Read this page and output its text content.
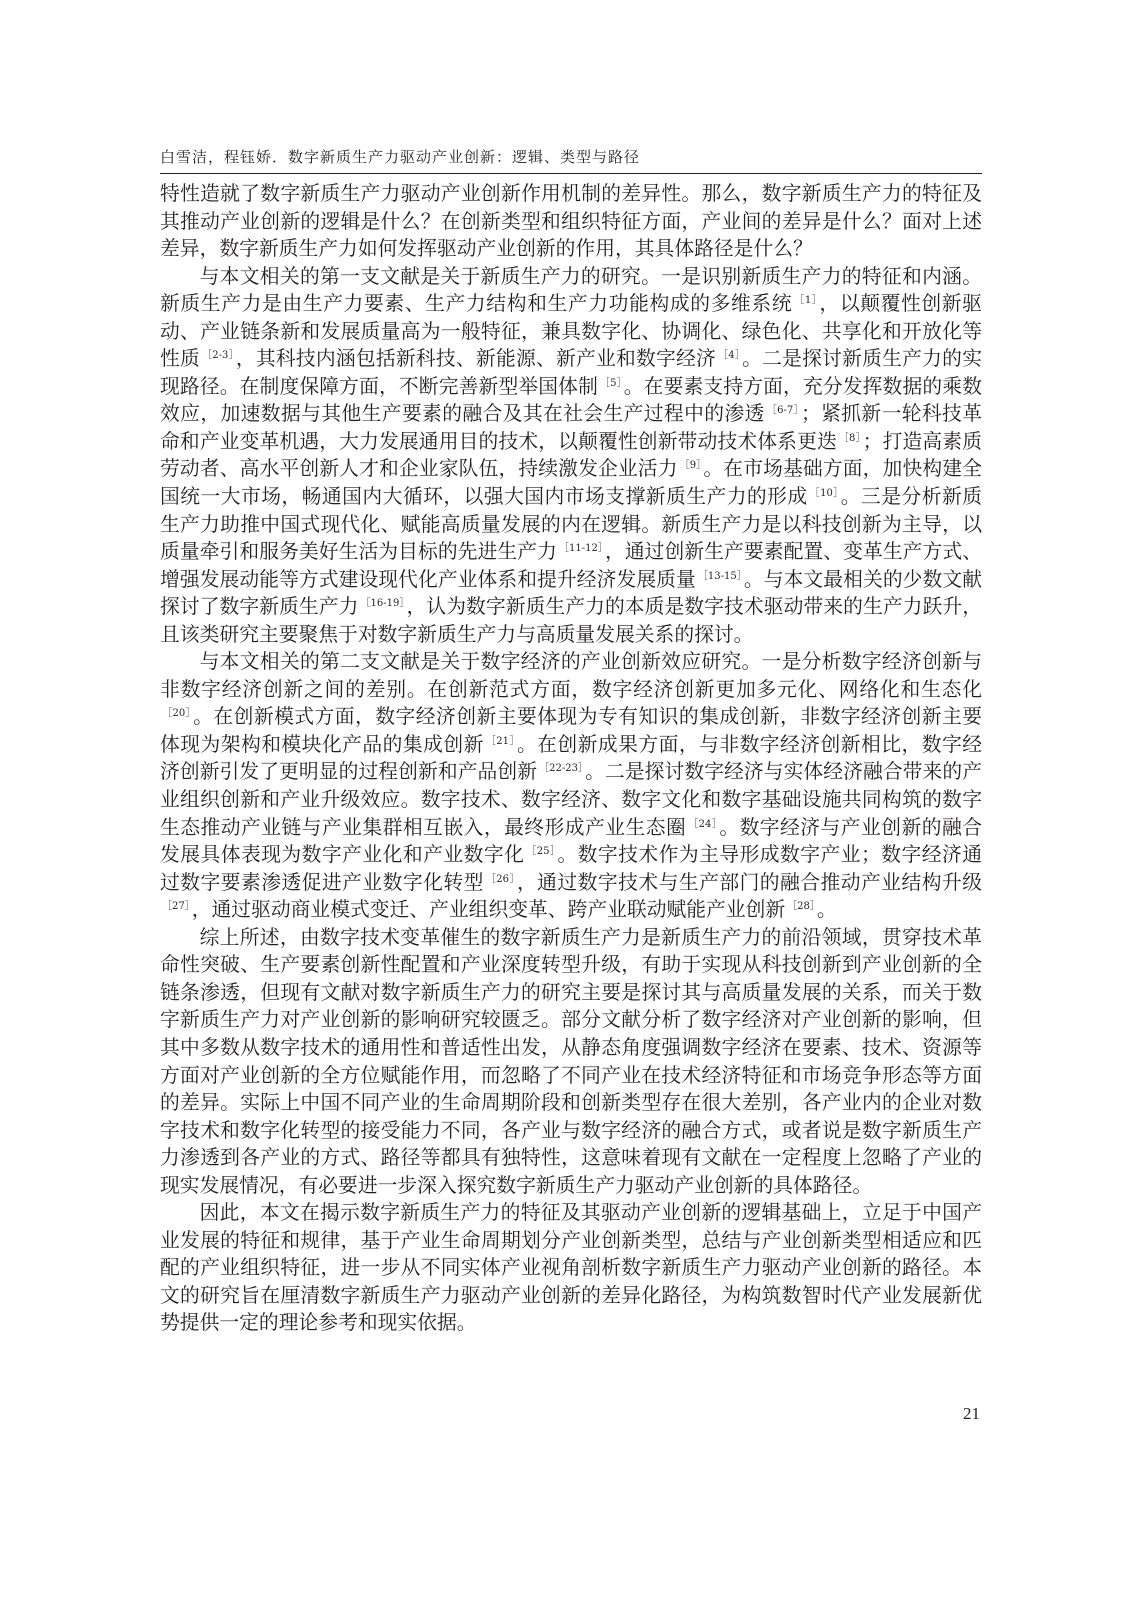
白雪洁，程钰娇．数字新质生产力驱动产业创新：逻辑、类型与路径

特性造就了数字新质生产力驱动产业创新作用机制的差异性。那么，数字新质生产力的特征及其推动产业创新的逻辑是什么？在创新类型和组织特征方面，产业间的差异是什么？面对上述差异，数字新质生产力如何发挥驱动产业创新的作用，其具体路径是什么？

与本文相关的第一支文献是关于新质生产力的研究。一是识别新质生产力的特征和内涵。新质生产力是由生产力要素、生产力结构和生产力功能构成的多维系统 $^{[1]}$ ，以颠覆性创新驱动、产业链条新和发展质量高为一般特征，兼具数字化、协调化、绿色化、共享化和开放化等性质 $^{[2-3]}$ ，其科技内涵包括新科技、新能源、新产业和数字经济 $^{[4]}$ 。二是探讨新质生产力的实现路径。在制度保障方面，不断完善新型举国体制 $^{[5]}$ 。在要素支持方面，充分发挥数据的乘数效应，加速数据与其他生产要素的融合及其在社会生产过程中的渗透 $^{[6-7]}$ ；紧抓新一轮科技革命和产业变革机遇，大力发展通用目的技术，以颠覆性创新带动技术体系更迭 $^{[8]}$ ；打造高素质劳动者、高水平创新人才和企业家队伍，持续激发企业活力 $^{[9]}$ 。在市场基础方面，加快构建全国统一大市场，畅通国内大循环，以强大国内市场支撑新质生产力的形成 $^{[10]}$ 。三是分析新质生产力助推中国式现代化、赋能高质量发展的内在逻辑。新质生产力是以科技创新为主导，以质量牵引和服务美好生活为目标的先进生产力 $^{[11-12]}$ ，通过创新生产要素配置、变革生产方式、增强发展动能等方式建设现代化产业体系和提升经济发展质量 $^{[13-15]}$ 。与本文最相关的少数文献探讨了数字新质生产力 $^{[16-19]}$ ，认为数字新质生产力的本质是数字技术驱动带来的生产力跃升，且该类研究主要聚焦于对数字新质生产力与高质量发展关系的探讨。

与本文相关的第二支文献是关于数字经济的产业创新效应研究。一是分析数字经济创新与非数字经济创新之间的差别。在创新范式方面，数字经济创新更加多元化、网络化和生态化$^{[20]}$ 。在创新模式方面，数字经济创新主要体现为专有知识的集成创新，非数字经济创新主要体现为架构和模块化产品的集成创新 $^{[21]}$ 。在创新成果方面，与非数字经济创新相比，数字经济创新引发了更明显的过程创新和产品创新 $^{[22-23]}$ 。二是探讨数字经济与实体经济融合带来的产业组织创新和产业升级效应。数字技术、数字经济、数字文化和数字基础设施共同构筑的数字生态推动产业链与产业集群相互嵌入，最终形成产业生态圈 $^{[24]}$ 。数字经济与产业创新的融合发展具体表现为数字产业化和产业数字化 $^{[25]}$ 。数字技术作为主导形成数字产业；数字经济通过数字要素渗透促进产业数字化转型 $^{[26]}$ ，通过数字技术与生产部门的融合推动产业结构升级$^{[27]}$ ，通过驱动商业模式变迁、产业组织变革、跨产业联动赋能产业创新 $^{[28]}$ 。

综上所述，由数字技术变革催生的数字新质生产力是新质生产力的前沿领域，贯穿技术革命性突破、生产要素创新性配置和产业深度转型升级，有助于实现从科技创新到产业创新的全链条渗透，但现有文献对数字新质生产力的研究主要是探讨其与高质量发展的关系，而关于数字新质生产力对产业创新的影响研究较匮乏。部分文献分析了数字经济对产业创新的影响，但其中多数从数字技术的通用性和普适性出发，从静态角度强调数字经济在要素、技术、资源等方面对产业创新的全方位赋能作用，而忽略了不同产业在技术经济特征和市场竞争形态等方面的差异。实际上中国不同产业的生命周期阶段和创新类型存在很大差别，各产业内的企业对数字技术和数字化转型的接受能力不同，各产业与数字经济的融合方式，或者说是数字新质生产力渗透到各产业的方式、路径等都具有独特性，这意味着现有文献在一定程度上忽略了产业的现实发展情况，有必要进一步深入探究数字新质生产力驱动产业创新的具体路径。

因此，本文在揭示数字新质生产力的特征及其驱动产业创新的逻辑基础上，立足于中国产业发展的特征和规律，基于产业生命周期划分产业创新类型，总结与产业创新类型相适应和匹配的产业组织特征，进一步从不同实体产业视角剖析数字新质生产力驱动产业创新的路径。本文的研究旨在厘清数字新质生产力驱动产业创新的差异化路径，为构筑数智时代产业发展新优势提供一定的理论参考和现实依据。

21
